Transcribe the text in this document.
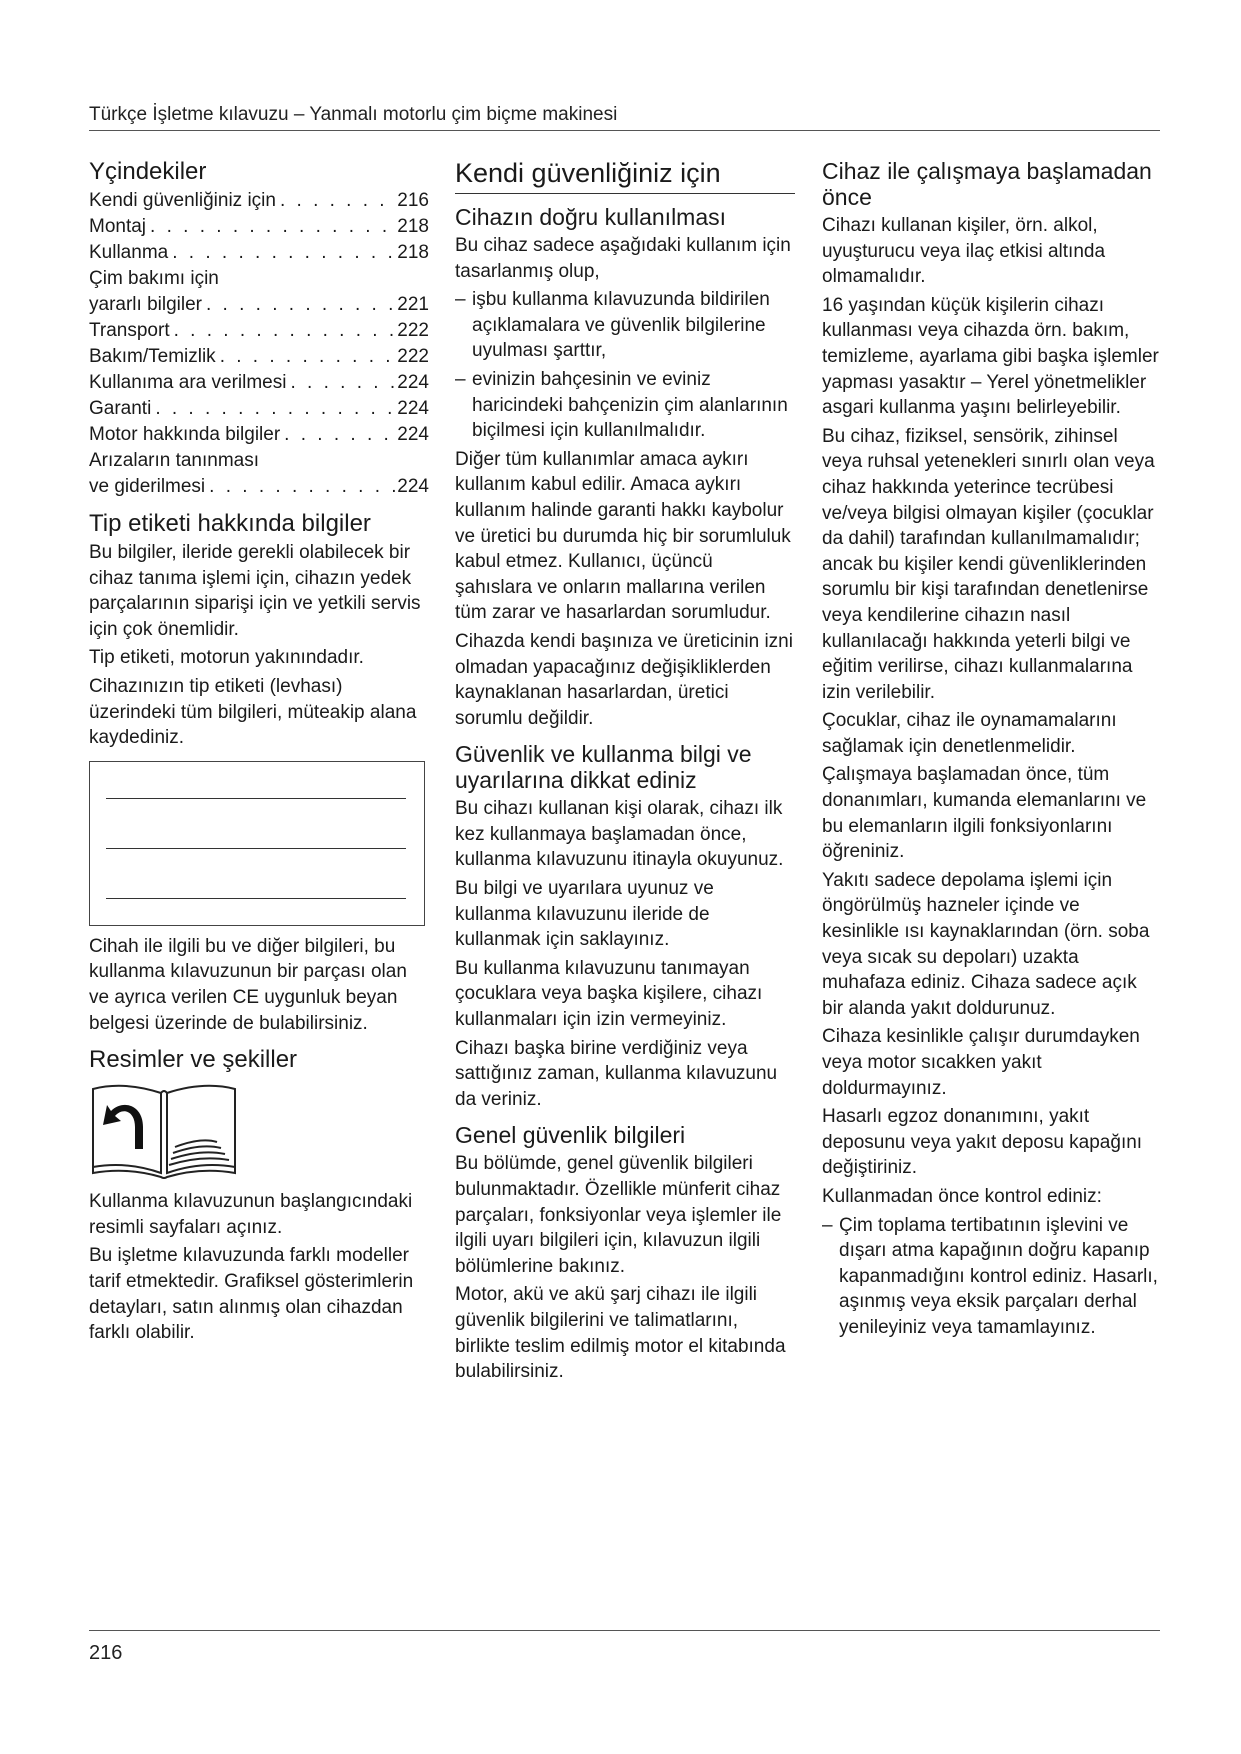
Türkçe İşletme kılavuzu – Yanmalı motorlu çim biçme makinesi
Yçindekiler
Kendi güvenliğiniz için . . .	216
Montaj . . .	218
Kullanma . . .	218
Çim bakımı için
yararlı bilgiler . . .	221
Transport . . .	222
Bakım/Temizlik . . .	222
Kullanıma ara verilmesi . . .	224
Garanti . . .	224
Motor hakkında bilgiler . . .	224
Arızaların tanınması
ve giderilmesi . . .	224
Tip etiketi hakkında bilgiler

Bu bilgiler, ileride gerekli olabilecek bir cihaz tanıma işlemi için, cihazın yedek parçalarının siparişi için ve yetkili servis için çok önemlidir.

Tip etiketi, motorun yakınındadır.

Cihazınızın tip etiketi (levhası) üzerindeki tüm bilgileri, müteakip alana kaydediniz.

Cihah ile ilgili bu ve diğer bilgileri, bu kullanma kılavuzunun bir parçası olan ve ayrıca verilen CE uygunluk beyan belgesi üzerinde de bulabilirsiniz.

Resimler ve şekiller

Kullanma kılavuzunun başlangıcındaki resimli sayfaları açınız.

Bu işletme kılavuzunda farklı modeller tarif etmektedir. Grafiksel gösterimlerin detayları, satın alınmış olan cihazdan farklı olabilir.

Kendi güvenliğiniz için
Cihazın doğru kullanılması

Bu cihaz sadece aşağıdaki kullanım için tasarlanmış olup,

– işbu kullanma kılavuzunda bildirilen açıklamalara ve güvenlik bilgilerine uyulması şarttır,
– evinizin bahçesinin ve eviniz haricindeki bahçenizin çim alanlarının biçilmesi için kullanılmalıdır.

Diğer tüm kullanımlar amaca aykırı kullanım kabul edilir. Amaca aykırı kullanım halinde garanti hakkı kaybolur ve üretici bu durumda hiç bir sorumluluk kabul etmez. Kullanıcı, üçüncü şahıslara ve onların mallarına verilen tüm zarar ve hasarlardan sorumludur.

Cihazda kendi başınıza ve üreticinin izni olmadan yapacağınız değişikliklerden kaynaklanan hasarlardan, üretici sorumlu değildir.

Güvenlik ve kullanma bilgi ve uyarılarına dikkat ediniz

Bu cihazı kullanan kişi olarak, cihazı ilk kez kullanmaya başlamadan önce, kullanma kılavuzunu itinayla okuyunuz.

Bu bilgi ve uyarılara uyunuz ve kullanma kılavuzunu ileride de kullanmak için saklayınız.

Bu kullanma kılavuzunu tanımayan çocuklara veya başka kişilere, cihazı kullanmaları için izin vermeyiniz.

Cihazı başka birine verdiğiniz veya sattığınız zaman, kullanma kılavuzunu da veriniz.

Genel güvenlik bilgileri

Bu bölümde, genel güvenlik bilgileri bulunmaktadır. Özellikle münferit cihaz parçaları, fonksiyonlar veya işlemler ile ilgili uyarı bilgileri için, kılavuzun ilgili bölümlerine bakınız.

Motor, akü ve akü şarj cihazı ile ilgili güvenlik bilgilerini ve talimatlarını, birlikte teslim edilmiş motor el kitabında bulabilirsiniz.

Cihaz ile çalışmaya başlamadan önce

Cihazı kullanan kişiler, örn. alkol, uyuşturucu veya ilaç etkisi altında olmamalıdır.

16 yaşından küçük kişilerin cihazı kullanması veya cihazda örn. bakım, temizleme, ayarlama gibi başka işlemler yapması yasaktır – Yerel yönetmelikler asgari kullanma yaşını belirleyebilir.

Bu cihaz, fiziksel, sensörik, zihinsel veya ruhsal yetenekleri sınırlı olan veya cihaz hakkında yeterince tecrübesi ve/veya bilgisi olmayan kişiler (çocuklar da dahil) tarafından kullanılmamalıdır; ancak bu kişiler kendi güvenliklerinden sorumlu bir kişi tarafından denetlenirse veya kendilerine cihazın nasıl kullanılacağı hakkında yeterli bilgi ve eğitim verilirse, cihazı kullanmalarına izin verilebilir.

Çocuklar, cihaz ile oynamamalarını sağlamak için denetlenmelidir.

Çalışmaya başlamadan önce, tüm donanımları, kumanda elemanlarını ve bu elemanların ilgili fonksiyonlarını öğreniniz.

Yakıtı sadece depolama işlemi için öngörülmüş hazneler içinde ve kesinlikle ısı kaynaklarından (örn. soba veya sıcak su depoları) uzakta muhafaza ediniz. Cihaza sadece açık bir alanda yakıt doldurunuz.

Cihaza kesinlikle çalışır durumdayken veya motor sıcakken yakıt doldurmayınız.

Hasarlı egzoz donanımını, yakıt deposunu veya yakıt deposu kapağını değiştiriniz.

Kullanmadan önce kontrol ediniz:

– Çim toplama tertibatının işlevini ve dışarı atma kapağının doğru kapanıp kapanmadığını kontrol ediniz. Hasarlı, aşınmış veya eksik parçaları derhal yenileyiniz veya tamamlayınız.
216
